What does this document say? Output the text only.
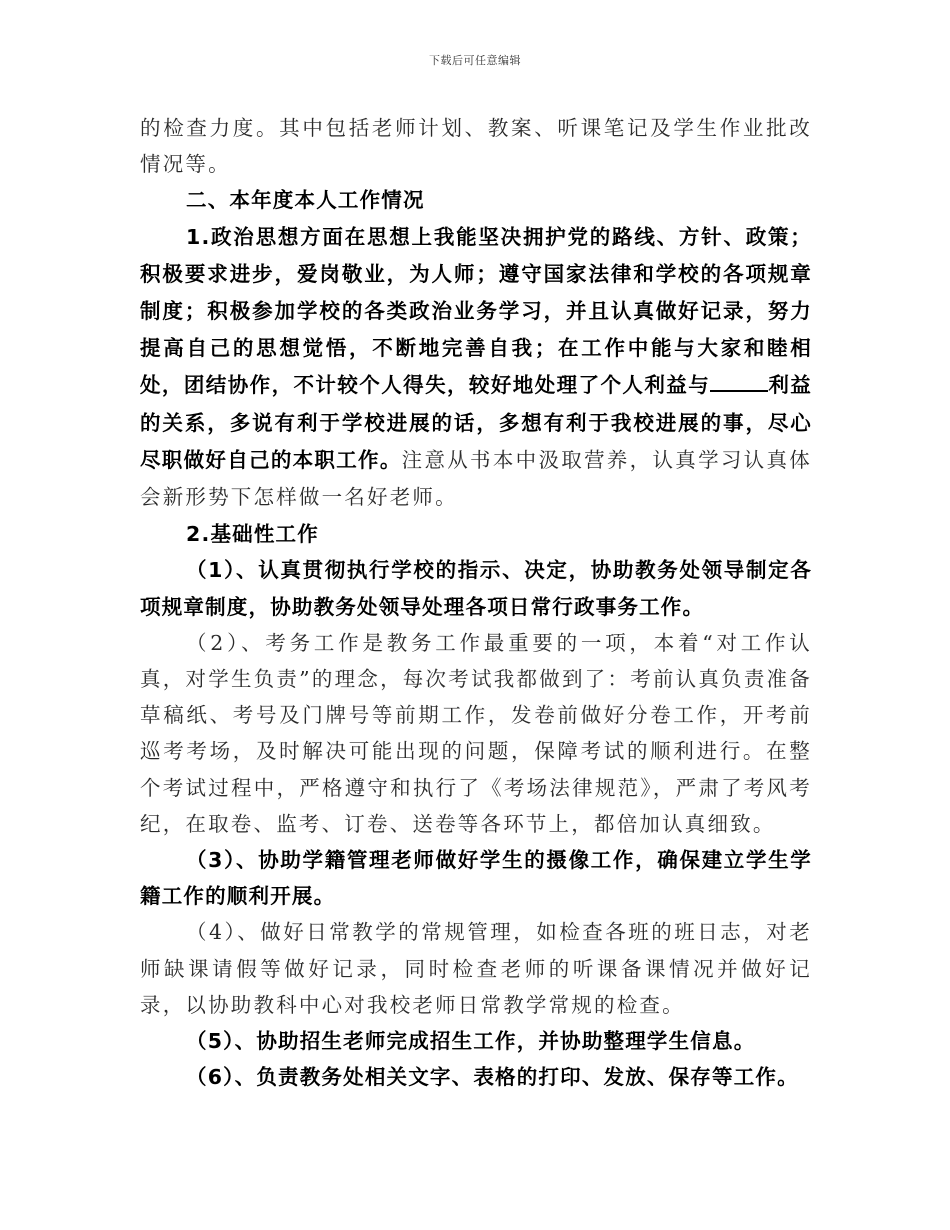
下载后可任意编辑

的检查力度。其中包括老师计划、教案、听课笔记及学生作业批改情况等。

二、本年度本人工作情况

1.政治思想方面在思想上我能坚决拥护党的路线、方针、政策；积极要求进步，爱岗敬业，为人师；遵守国家法律和学校的各项规章制度；积极参加学校的各类政治业务学习，并且认真做好记录，努力提高自己的思想觉悟，不断地完善自我；在工作中能与大家和睦相处，团结协作，不计较个人得失，较好地处理了个人利益与	利益的关系，多说有利于学校进展的话，多想有利于我校进展的事，尽心尽职做好自己的本职工作。注意从书本中汲取营养，认真学习认真体会新形势下怎样做一名好老师。

2.基础性工作

（1）、认真贯彻执行学校的指示、决定，协助教务处领导制定各项规章制度，协助教务处领导处理各项日常行政事务工作。

（2）、考务工作是教务工作最重要的一项，本着“对工作认真，对学生负责”的理念，每次考试我都做到了：考前认真负责准备草稿纸、考号及门牌号等前期工作，发卷前做好分卷工作，开考前巡考考场，及时解决可能出现的问题，保障考试的顺利进行。在整个考试过程中，严格遵守和执行了《考场法律规范》，严肃了考风考纪，在取卷、监考、订卷、送卷等各环节上，都倍加认真细致。

（3）、协助学籍管理老师做好学生的摄像工作，确保建立学生学籍工作的顺利开展。

（4）、做好日常教学的常规管理，如检查各班的班日志，对老师缺课请假等做好记录，同时检查老师的听课备课情况并做好记录，以协助教科中心对我校老师日常教学常规的检查。

（5）、协助招生老师完成招生工作，并协助整理学生信息。

（6）、负责教务处相关文字、表格的打印、发放、保存等工作。
